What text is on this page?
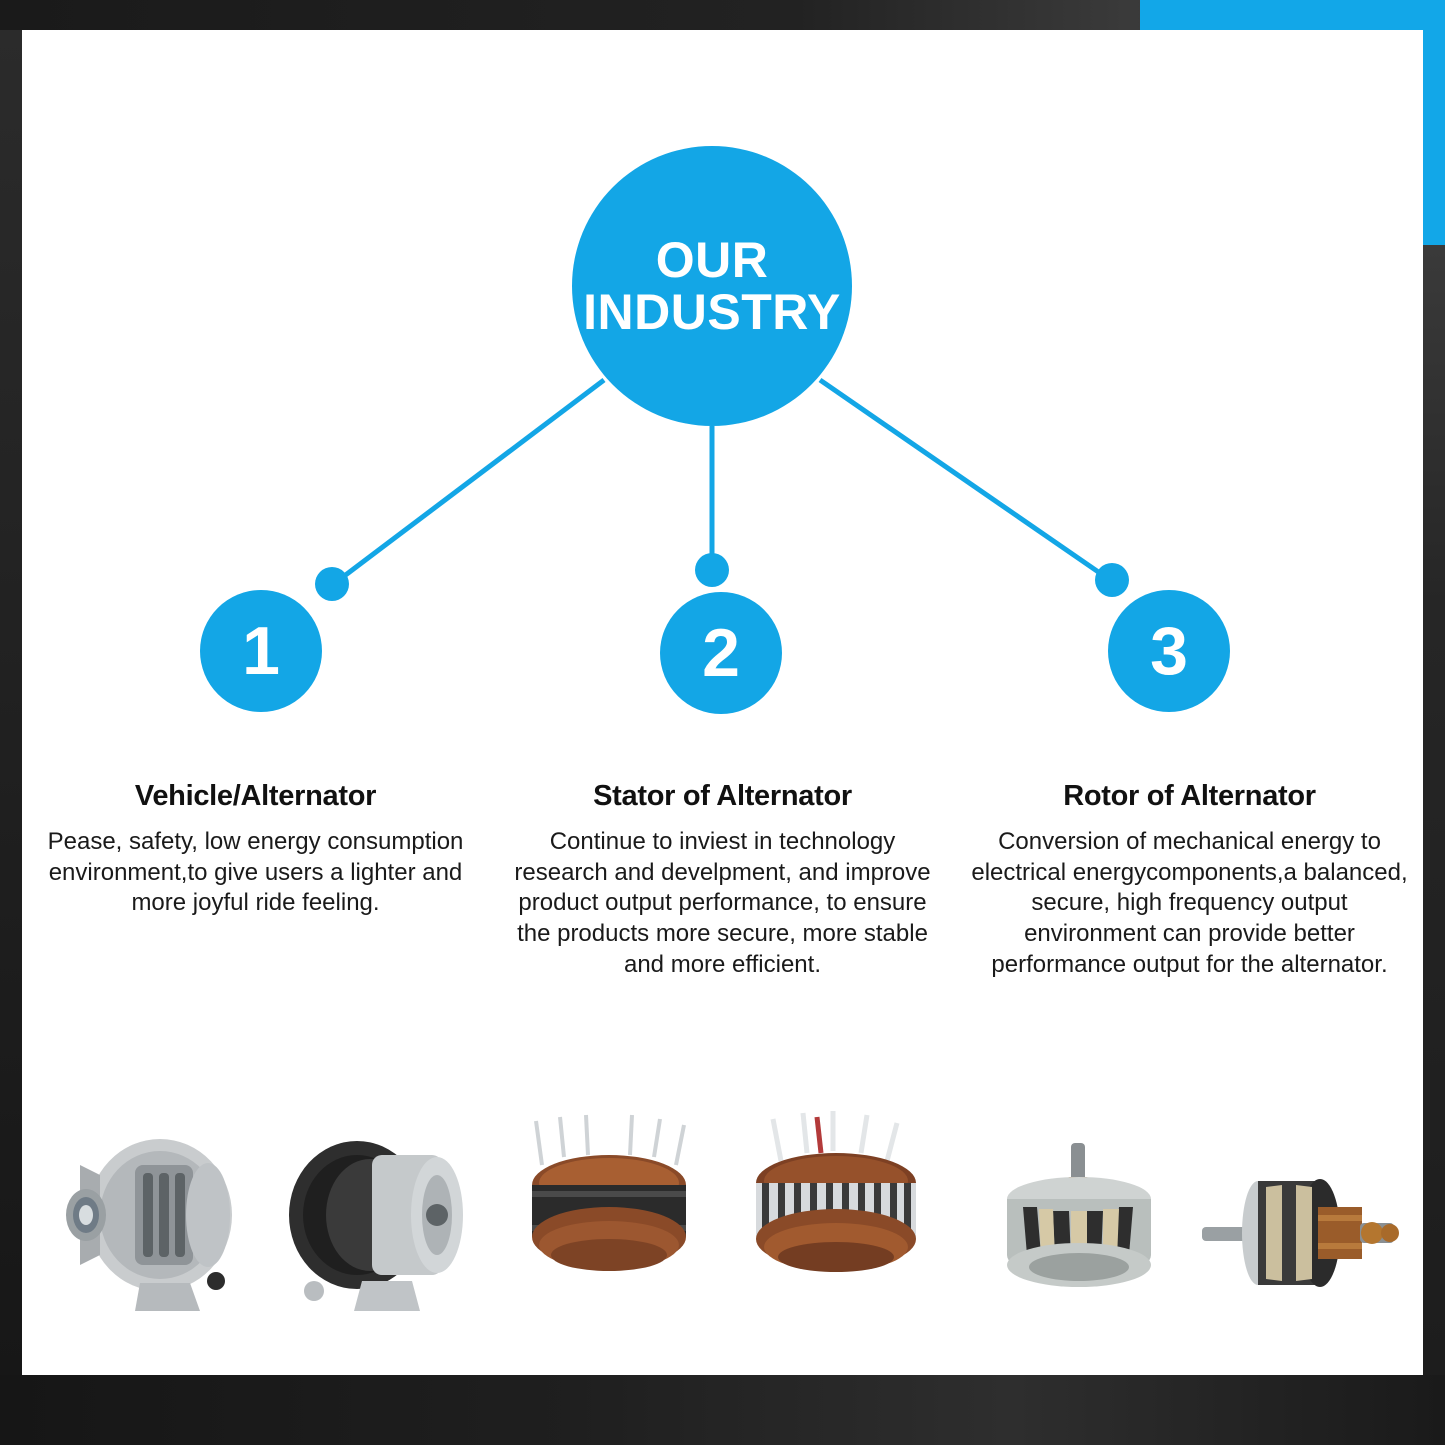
OUR
INDUSTRY
1	2	3
Vehicle/Alternator

Pease, safety, low energy consumption environment,to give users a lighter and more joyful ride feeling.

Stator of Alternator

Continue to inviest in technology research and develpment, and improve product output performance, to ensure the products more secure, more stable and more efficient.

Rotor of Alternator

Conversion of mechanical energy to electrical energycomponents,a balanced, secure, high frequency output environment can provide better performance output for the alternator.
